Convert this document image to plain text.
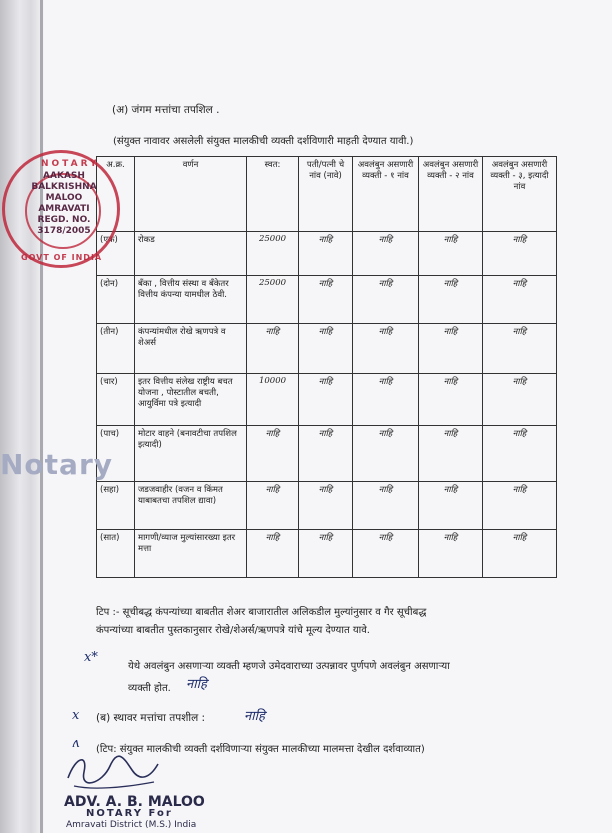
(अ) जंगम मत्तांचा तपशिल .
(संयुक्त नावावर असलेली संयुक्त मालकीची व्यक्ती दर्शविणारी माहती देण्यात यावी.)
अ.क्र.	वर्णन	स्वत:	पती/पत्नी चे नांव (नावे)	अवलंबुन असणारी व्यक्ती - १ नांव	अवलंबुन असणारी व्यक्ती - २ नांव	अवलंबुन असणारी व्यक्ती - ३, इत्यादी नांव
(एक)	रोकड	25000	नाहि	नाहि	नाहि	नाहि
(दोन)	बँका , वित्तीय संस्था व बँकेतर वित्तीय कंपन्या यामधील ठेवी.	25000	नाहि	नाहि	नाहि	नाहि
(तीन)	कंपन्यांमधील रोखे ऋणपत्रे व शेअर्स	नाहि	नाहि	नाहि	नाहि	नाहि
(चार)	इतर वित्तीय संलेख राष्ट्रीय बचत योजना , पोस्टातील बचती, आयुर्विमा पत्रे इत्यादी	10000	नाहि	नाहि	नाहि	नाहि
(पाच)	मोटार वाहने (बनावटीचा तपशिल इत्यादी)	नाहि	नाहि	नाहि	नाहि	नाहि
(सहा)	जडजवाहीर (वजन व किंमत याबाबतचा तपशिल द्यावा)	नाहि	नाहि	नाहि	नाहि	नाहि
(सात)	मागणी/व्याज मुल्यांसारख्या इतर मत्ता	नाहि	नाहि	नाहि	नाहि	नाहि
टिप :- सूचीबद्ध कंपन्यांच्या बाबतीत शेअर बाजारातील अलिकडील मुल्यांनुसार व गैर सूचीबद्ध
कंपन्यांच्या बाबतीत पुस्तकानुसार रोखे/शेअर्स/ऋणपत्रे यांचे मूल्य देण्यात यावे.
x*
येथे अवलंबुन असणाऱ्या व्यक्ती म्हणजे उमेदवाराच्या उत्पन्नावर पुर्णपणे अवलंबुन असणाऱ्या
व्यक्ती होत. नाहि
x (ब) स्थावर मत्तांचा तपशील :	नाहि
ʌ (टिप: संयुक्त मालकीची व्यक्ती दर्शविणाऱ्या संयुक्त मालकीच्या मालमत्ता देखील दर्शवाव्यात)
NOTARY
GOVT OF INDIA
AAKASH
BALKRISHNA
MALOO
AMRAVATI
REGD. NO.
3178/2005
Notary
ADV. A. B. MALOO
NOTARY For
Amravati District (M.S.) India
